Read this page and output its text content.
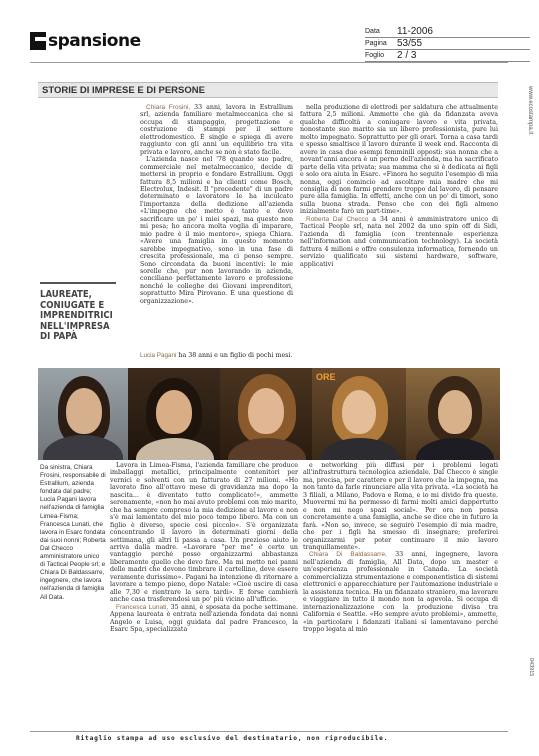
spansione	Data	11-2006
Pagina	53/55
Foglio	2 / 3
www.ecostampa.it
043915
STORIE DI IMPRESE E DI PERSONE
LAUREATE, CONIUGATE E IMPRENDITRICI NELL'IMPRESA DI PAPÀ

Chiara Frosini, 33 anni, lavora in Estrallium srl, azienda familiare metalmeccanica che si occupa di stampaggio, progettazione e costruzione di stampi per il settore elettrodomestico. È single e spiega di avere raggiunto con gli anni un equilibrio tra vita privata e lavoro, anche se non è stato facile.

L'azienda nasce nel '78 quando suo padre, commerciale nel metalmeccanico, decide di mettersi in proprio e fondare Estrallium. Oggi fattura 8,5 milioni e ha clienti come Bosch, Electrolux, Indesit. Il "precedente" di un padre determinato e lavoratore le ha inculcato l'importanza della dedizione all'azienda «L'impegno che metto è tanto e devo sacrificare un po' i miei spazi, ma questo non mi pesa; ho ancora molta voglia di imparare, mio padre è il mio mentore», spiega Chiara. «Avere una famiglia in questo momento sarebbe impegnativo, sono in una fase di crescita professionale, ma ci penso sempre. Sono circondata da buoni incentivi: le mie sorelle che, pur non lavorando in azienda, conciliano perfettamente lavoro e professione nonché le colleghe dei Giovani imprenditori, soprattutto Mira Pirovano. È una questione di organizzazione».

Lucia Pagani ha 38 anni e un figlio di pochi mesi.

nella produzione di elettrodi per saldatura che attualmente fattura 2,5 milioni. Ammette che già da fidanzata aveva qualche difficoltà a coniugare lavoro e vita privata, nonostante suo marito sia un libero professionista, pure lui molto impegnato. Soprattutto per gli orari. Torna a casa tardi e spesso smaltisce il lavoro durante il week end. Racconta di avere in casa due esempi femminili opposti: sua nonna che a novant'anni ancora è un perno dell'azienda, ma ha sacrificato parte della vita privata; sua mamma che si è dedicata ai figli e solo ora aiuta in Esarc. «Finora ho seguito l'esempio di mia nonna, oggi comincio ad ascoltare mia madre che mi consiglia di non farmi prendere troppo dal lavoro, di pensare pure alla famiglia. In effetti, anche con un po' di timori, sono sulla buona strada. Penso che con dei figli almeno inizialmente farò un part-time».

Roberta Dal Checco a 34 anni è amministratore unico di Tactical People srl, nata nel 2002 da uno spin off di Sidi, l'azienda di famiglia (con trentennale esperienza nell'information and communication technology). La società fattura 4 milioni e offre consulenza informatica, fornendo un servizio qualificato sui sistemi hardware, software, applicativi

ORE
Da sinistra, Chiara Frosini, responsabile di Estrallium, azienda fondata dal padre; Lucia Pagani lavora nell'azienda di famiglia Limea-Fisma; Francesca Lunati, che lavora in Esarc fondata dai suoi nonni; Roberta Dal Checco amministratore unico di Tactical People srl; e Chiara Di Baldassarre, ingegnere, che lavora nell'azienda di famiglia All Data.

Lavora in Limea-Fisma, l'azienda familiare che produce imballaggi metallici, principalmente contenitori per vernici e solventi con un fatturato di 27 milioni. «Ho lavorato fino all'ottavo mese di gravidanza ma dopo la nascita... è diventato tutto complicato!», ammette serenamente, «non ho mai avuto problemi con mio marito, che ha sempre compreso la mia dedizione al lavoro e non s'è mai lamentato del mio poco tempo libero. Ma con un figlio è diverso, specie così piccolo». S'è organizzata concentrando il lavoro in determinati giorni della settimana, gli altri li passa a casa. Un prezioso aiuto le arriva dalla madre. «Lavorare "per me" è certo un vantaggio perché posso organizzarmi abbastanza liberamente quello che devo fare. Ma mi metto nei panni delle madri che devono timbrare il cartellino, deve essere veramente durissimo». Pagani ha intenzione di ritornare a lavorare a tempo pieno, dopo Natale: «Cioè uscire di casa alle 7,30 e rientrare la sera tardi». E forse cambierà anche casa trasferendosi un po' più vicino all'ufficio.

Francesca Lunati, 35 anni, è sposata da poche settimane. Appena laureata è entrata nell'azienda fondata dai nonni Angelo e Luisa, oggi guidata dal padre Francesco, la Esarc Spa, specializzata

e networking più diffusi per i problemi legati all'infrastruttura tecnologica aziendale. Dal Checco è single ma, precisa, per carattere e per il lavoro che la impegna, ma non tanto da farle rinunciare alla vita privata. «La società ha 3 filiali, a Milano, Padova e Roma, e io mi divido fra queste. Muovermi mi ha permesso di farmi molti amici dappertutto e non mi nego spazi social». Per ora non pensa concretamente a una famiglia, anche se dice che in futuro la farà. «Non so, invece, se seguirò l'esempio di mia madre, che per i figli ha smesso di insegnare; preferirei organizzarmi per poter continuare il mio lavoro tranquillamente».

Chiara Di Baldassarre, 33 anni, ingegnere, lavora nell'azienda di famiglia, All Data, dopo un master e un'esperienza professionale in Canada. La società commercializza strumentazione e componentistica di sistemi elettronici e apparecchiature per l'automazione industriale e la assistenza tecnica. Ha un fidanzato straniero, ma lavorare e viaggiare in tutto il mondo non la agevola. Si occupa di internazionalizzazione con la produzione divisa tra California e Seattle. «Ho sempre avuto problemi», ammette, «in particolare i fidanzati italiani si lamentavano perché troppo legata al mio

Ritaglio stampa ad uso esclusivo del destinatario, non riproducibile.
